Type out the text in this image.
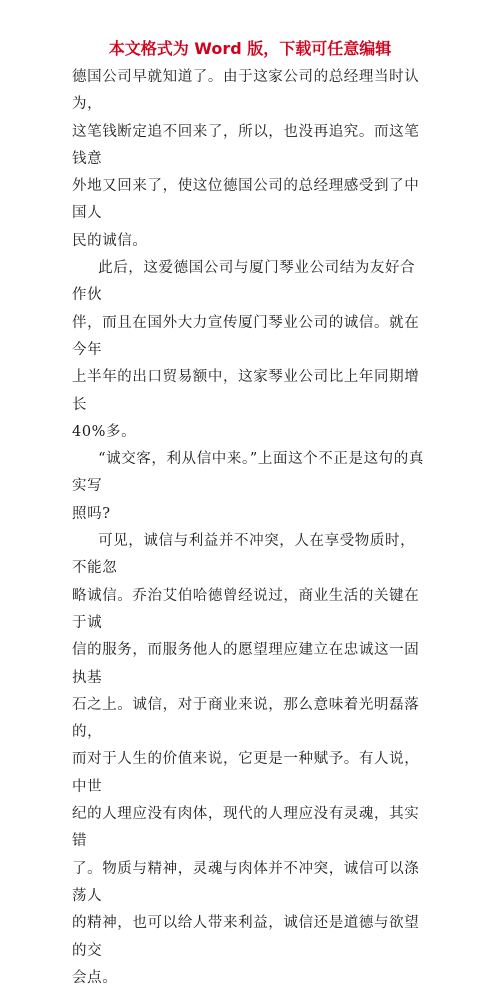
本文格式为 Word 版，下载可任意编辑

德国公司早就知道了。由于这家公司的总经理当时认为，
这笔钱断定追不回来了，所以，也没再追究。而这笔钱意
外地又回来了，使这位德国公司的总经理感受到了中国人
民的诚信。

此后，这爱德国公司与厦门琴业公司结为友好合作伙
伴，而且在国外大力宣传厦门琴业公司的诚信。就在今年
上半年的出口贸易额中，这家琴业公司比上年同期增长
40%多。

“诚交客，利从信中来。”上面这个不正是这句的真实写
照吗?

可见，诚信与利益并不冲突，人在享受物质时，不能忽
略诚信。乔治艾伯哈德曾经说过，商业生活的关键在于诚
信的服务，而服务他人的愿望理应建立在忠诚这一固执基
石之上。诚信，对于商业来说，那么意味着光明磊落的，
而对于人生的价值来说，它更是一种赋予。有人说，中世
纪的人理应没有肉体，现代的人理应没有灵魂，其实错
了。物质与精神，灵魂与肉体并不冲突，诚信可以涤荡人
的精神，也可以给人带来利益，诚信还是道德与欲望的交
会点。
